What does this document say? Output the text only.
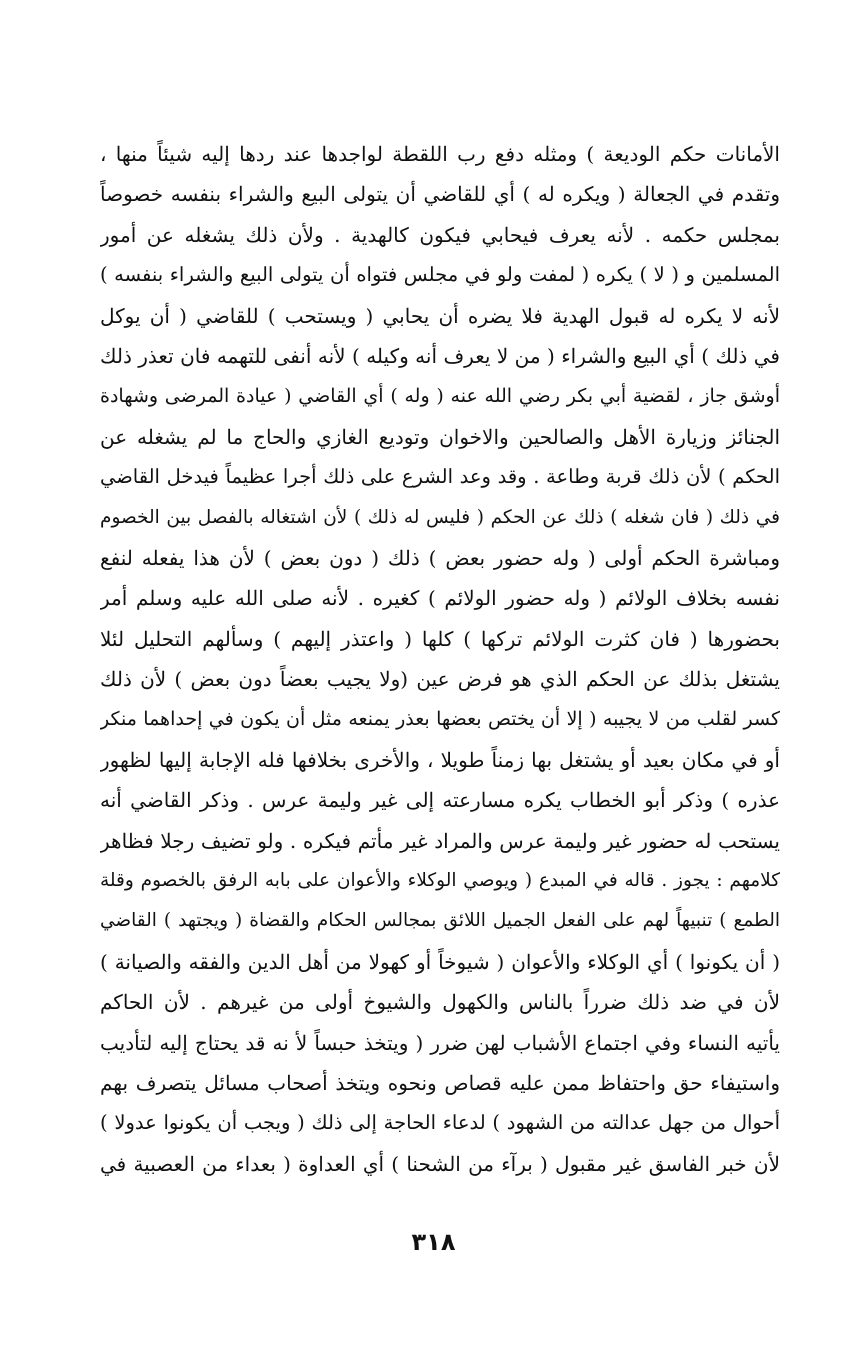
الأمانات حكم الوديعة ) ومثله دفع رب اللقطة لواجدها عند ردها إليه شيئاً منها ،
وتقدم في الجعالة ( ويكره له ) أي للقاضي أن يتولى البيع والشراء بنفسه خصوصاً
بمجلس حكمه . لأنه يعرف فيحابي فيكون كالهدية . ولأن ذلك يشغله عن أمور
المسلمين و ( لا ) يكره ( لمفت ولو في مجلس فتواه أن يتولى البيع والشراء بنفسه )
لأنه لا يكره له قبول الهدية فلا يضره أن يحابي ( ويستحب ) للقاضي ( أن يوكل
في ذلك ) أي البيع والشراء ( من لا يعرف أنه وكيله ) لأنه أنفى للتهمه فان تعذر ذلك
أوشق جاز ، لقضية أبي بكر رضي الله عنه ( وله ) أي القاضي ( عيادة المرضى وشهادة
الجنائز وزيارة الأهل والصالحين والاخوان وتوديع الغازي والحاج ما لم يشغله عن
الحكم ) لأن ذلك قربة وطاعة . وقد وعد الشرع على ذلك أجرا عظيماً فيدخل القاضي
في ذلك ( فان شغله ) ذلك عن الحكم ( فليس له ذلك ) لأن اشتغاله بالفصل بين الخصوم
ومباشرة الحكم أولى ( وله حضور بعض ) ذلك ( دون بعض ) لأن هذا يفعله لنفع
نفسه بخلاف الولائم ( وله حضور الولائم ) كغيره . لأنه صلى الله عليه وسلم أمر
بحضورها ( فان كثرت الولائم تركها ) كلها ( واعتذر إليهم ) وسألهم التحليل لئلا
يشتغل بذلك عن الحكم الذي هو فرض عين (ولا يجيب بعضاً دون بعض ) لأن ذلك
كسر لقلب من لا يجيبه ( إلا أن يختص بعضها بعذر يمنعه مثل أن يكون في إحداهما منكر
أو في مكان بعيد أو يشتغل بها زمناً طويلا ، والأخرى بخلافها فله الإجابة إليها لظهور
عذره ) وذكر أبو الخطاب يكره مسارعته إلى غير وليمة عرس . وذكر القاضي أنه
يستحب له حضور غير وليمة عرس والمراد غير مأتم فيكره . ولو تضيف رجلا فظاهر
كلامهم : يجوز . قاله في المبدع ( ويوصي الوكلاء والأعوان على بابه الرفق بالخصوم وقلة
الطمع ) تنبيهاً لهم على الفعل الجميل اللائق بمجالس الحكام والقضاة ( ويجتهد ) القاضي
( أن يكونوا ) أي الوكلاء والأعوان ( شيوخاً أو كهولا من أهل الدين والفقه والصيانة )
لأن في ضد ذلك ضرراً بالناس والكهول والشيوخ أولى من غيرهم . لأن الحاكم
يأتيه النساء وفي اجتماع الأشباب لهن ضرر ( ويتخذ حبساً لأ نه قد يحتاج إليه لتأديب
واستيفاء حق واحتفاظ ممن عليه قصاص ونحوه ويتخذ أصحاب مسائل يتصرف بهم
أحوال من جهل عدالته من الشهود ) لدعاء الحاجة إلى ذلك ( ويجب أن يكونوا عدولا )
لأن خبر الفاسق غير مقبول ( برآء من الشحنا ) أي العداوة ( بعداء من العصبية في
٣١٨
